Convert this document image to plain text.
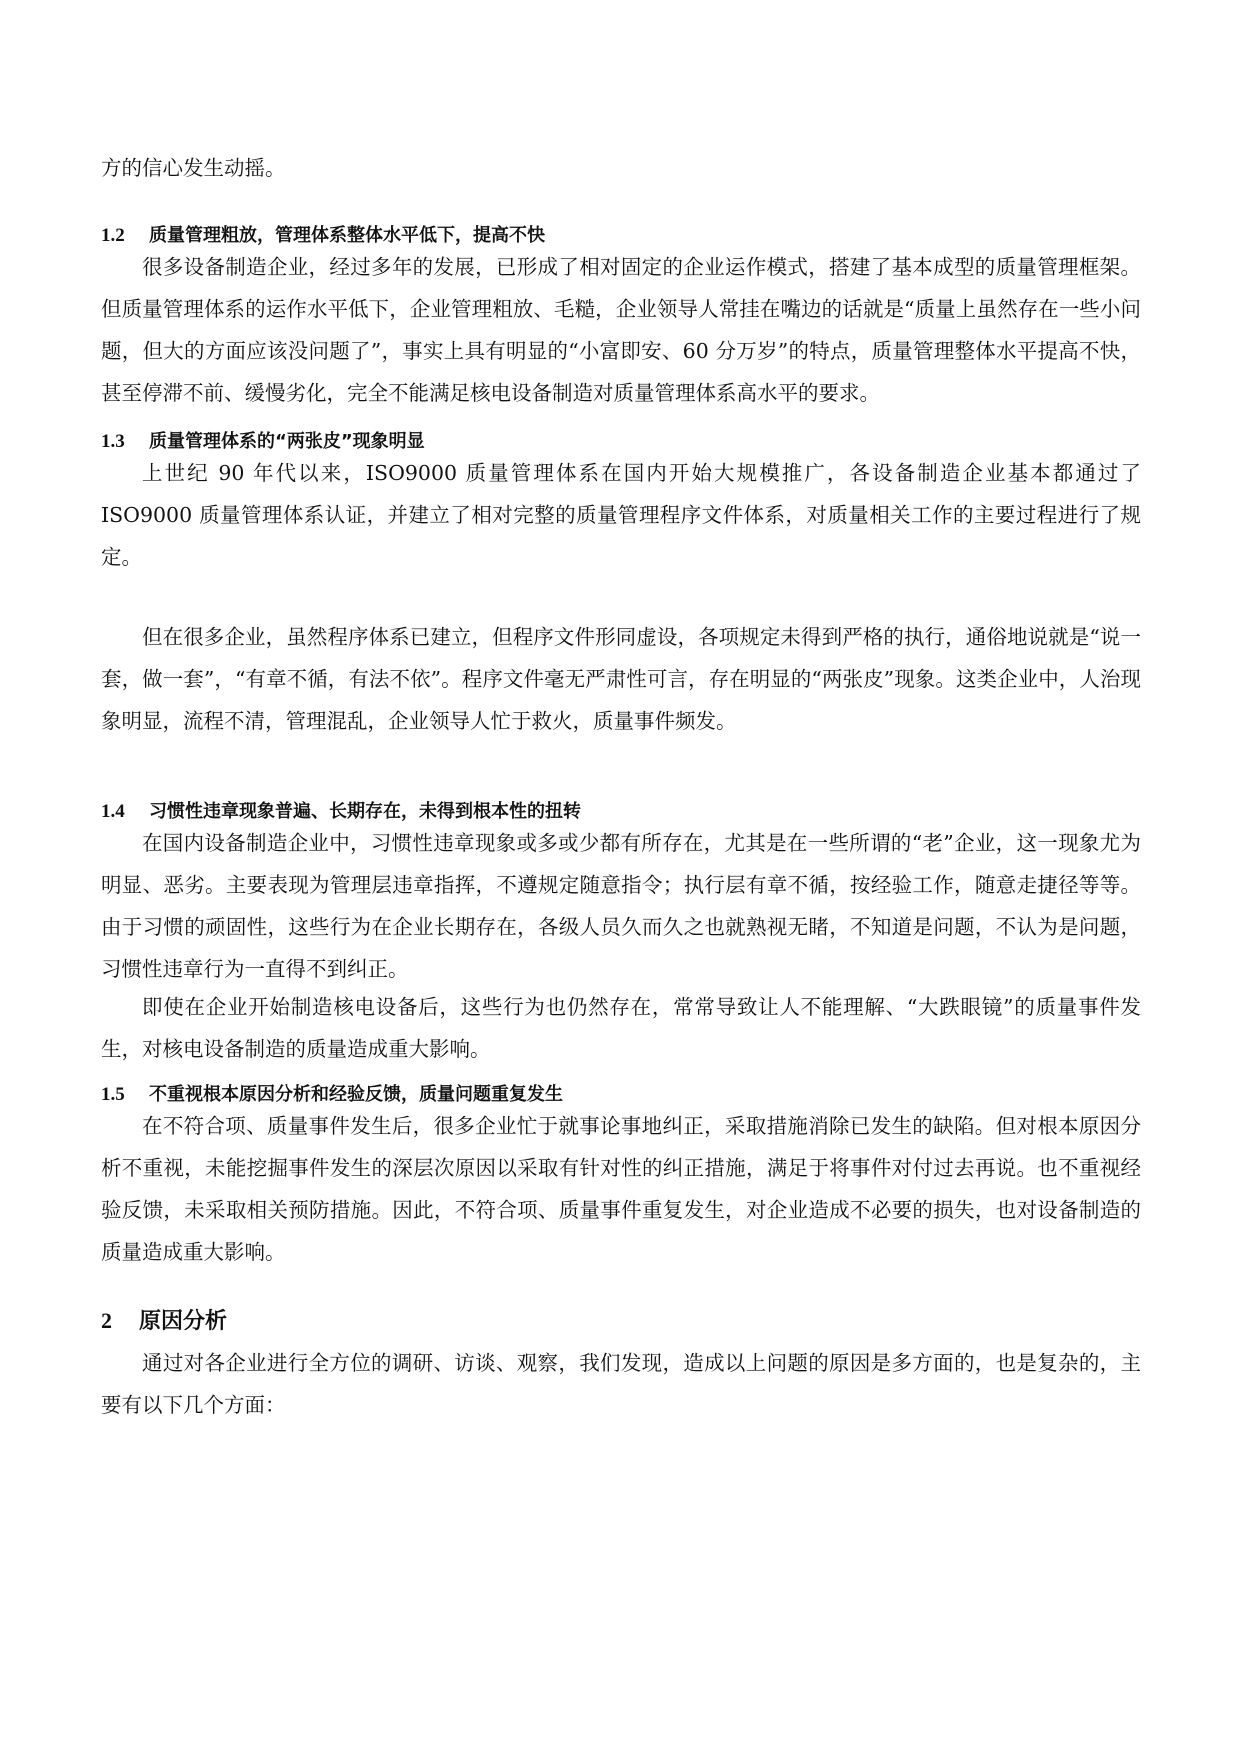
方的信心发生动摇。

1.2 质量管理粗放，管理体系整体水平低下，提高不快

很多设备制造企业，经过多年的发展，已形成了相对固定的企业运作模式，搭建了基本成型的质量管理框架。但质量管理体系的运作水平低下，企业管理粗放、毛糙，企业领导人常挂在嘴边的话就是“质量上虽然存在一些小问题，但大的方面应该没问题了”，事实上具有明显的“小富即安、60 分万岁”的特点，质量管理整体水平提高不快，甚至停滞不前、缓慢劣化，完全不能满足核电设备制造对质量管理体系高水平的要求。

1.3 质量管理体系的“两张皮”现象明显

上世纪 90 年代以来，ISO9000 质量管理体系在国内开始大规模推广，各设备制造企业基本都通过了ISO9000 质量管理体系认证，并建立了相对完整的质量管理程序文件体系，对质量相关工作的主要过程进行了规定。

但在很多企业，虽然程序体系已建立，但程序文件形同虚设，各项规定未得到严格的执行，通俗地说就是“说一套，做一套”，“有章不循，有法不依”。程序文件毫无严肃性可言，存在明显的“两张皮”现象。这类企业中，人治现象明显，流程不清，管理混乱，企业领导人忙于救火，质量事件频发。

1.4 习惯性违章现象普遍、长期存在，未得到根本性的扭转

在国内设备制造企业中，习惯性违章现象或多或少都有所存在，尤其是在一些所谓的“老”企业，这一现象尤为明显、恶劣。主要表现为管理层违章指挥，不遵规定随意指令；执行层有章不循，按经验工作，随意走捷径等等。由于习惯的顽固性，这些行为在企业长期存在，各级人员久而久之也就熟视无睹，不知道是问题，不认为是问题，习惯性违章行为一直得不到纠正。

即使在企业开始制造核电设备后，这些行为也仍然存在，常常导致让人不能理解、“大跌眼镜”的质量事件发生，对核电设备制造的质量造成重大影响。

1.5 不重视根本原因分析和经验反馈，质量问题重复发生

在不符合项、质量事件发生后，很多企业忙于就事论事地纠正，采取措施消除已发生的缺陷。但对根本原因分析不重视，未能挖掘事件发生的深层次原因以采取有针对性的纠正措施，满足于将事件对付过去再说。也不重视经验反馈，未采取相关预防措施。因此，不符合项、质量事件重复发生，对企业造成不必要的损失，也对设备制造的质量造成重大影响。

2 原因分析

通过对各企业进行全方位的调研、访谈、观察，我们发现，造成以上问题的原因是多方面的，也是复杂的，主要有以下几个方面：
